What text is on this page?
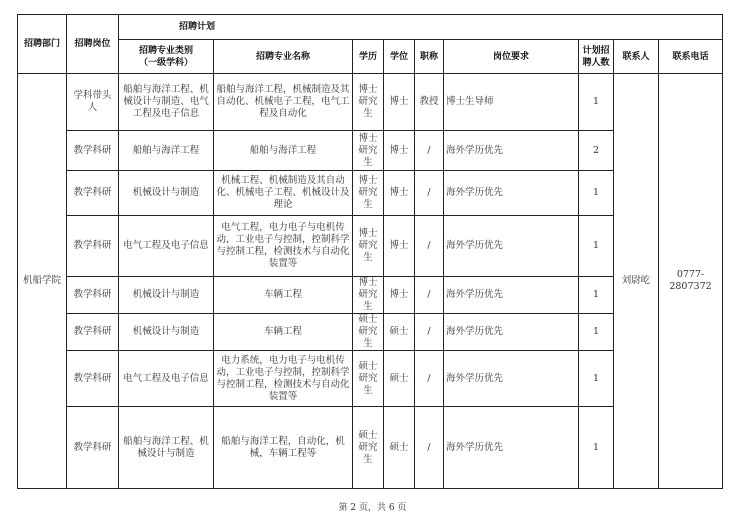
招聘部门	招聘岗位	招聘计划								
		招聘专业类别
（一级学科）	招聘专业名称	学历	学位	职称	岗位要求	计划招聘人数	联系人	联系电话
机船学院	学科带头人	船舶与海洋工程、机械设计与制造、电气工程及电子信息	船舶与海洋工程，机械制造及其自动化、机械电子工程，电气工程及自动化	博士研究生	博士	教授	博士生导师	1	刘尉屹	0777-2807372
	教学科研	船舶与海洋工程	船舶与海洋工程	博士研究生	博士	/	海外学历优先	2		
	教学科研	机械设计与制造	机械工程、机械制造及其自动化、机械电子工程、机械设计及理论	博士研究生	博士	/	海外学历优先	1		
	教学科研	电气工程及电子信息	电气工程，电力电子与电机传动，工业电子与控制，控制科学与控制工程，检测技术与自动化装置等	博士研究生	博士	/	海外学历优先	1		
	教学科研	机械设计与制造	车辆工程	博士研究生	博士	/	海外学历优先	1		
	教学科研	机械设计与制造	车辆工程	硕士研究生	硕士	/	海外学历优先	1		
	教学科研	电气工程及电子信息	电力系统，电力电子与电机传动，工业电子与控制，控制科学与控制工程，检测技术与自动化装置等	硕士研究生	硕士	/	海外学历优先	1		
	教学科研	船舶与海洋工程、机械设计与制造	船舶与海洋工程，自动化，机械，车辆工程等	硕士研究生	硕士	/	海外学历优先	1		
第 2 页，共 6 页
